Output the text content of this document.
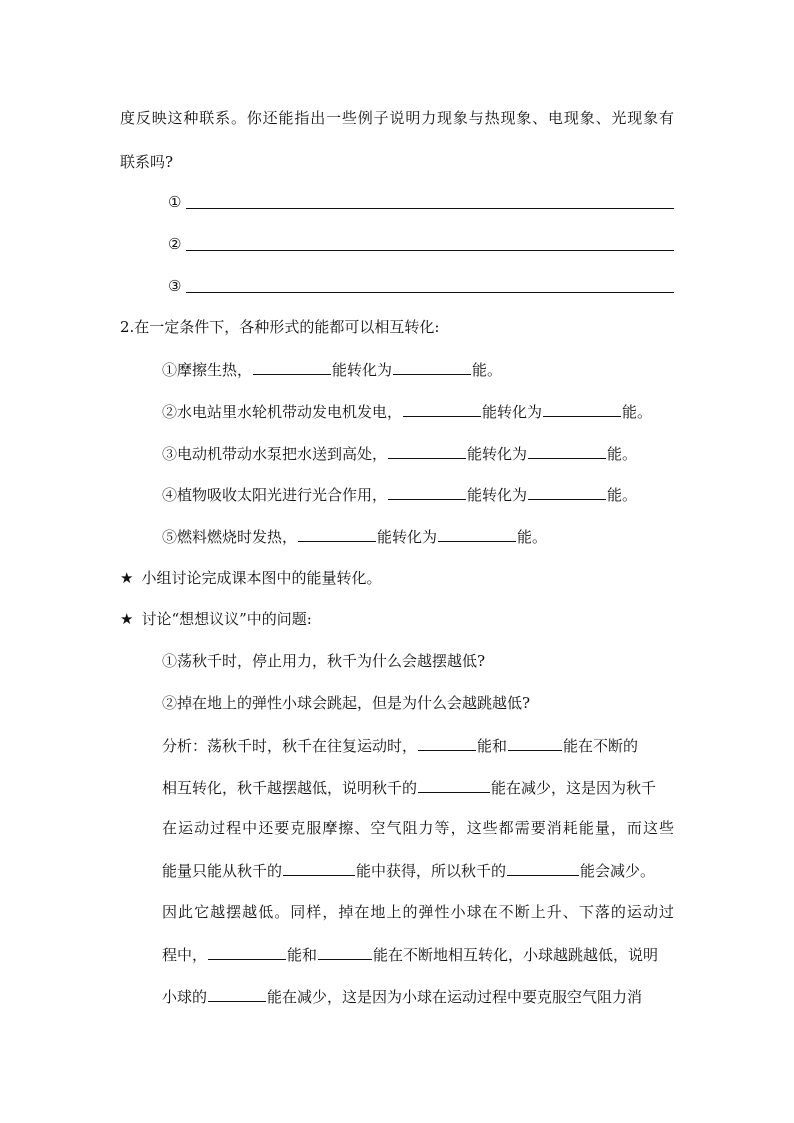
度反映这种联系。你还能指出一些例子说明力现象与热现象、电现象、光现象有
联系吗?
①
②
③
2.在一定条件下，各种形式的能都可以相互转化:
①摩擦生热，	能转化为	能。
②水电站里水轮机带动发电机发电，	能转化为	能。
③电动机带动水泵把水送到高处，	能转化为	能。
④植物吸收太阳光进行光合作用，	能转化为	能。
⑤燃料燃烧时发热，	能转化为	能。
★ 小组讨论完成课本图中的能量转化。
★ 讨论“想想议议”中的问题:
①荡秋千时，停止用力，秋千为什么会越摆越低?
②掉在地上的弹性小球会跳起，但是为什么会越跳越低?
分析：荡秋千时，秋千在往复运动时，	能和	能在不断的
相互转化，秋千越摆越低，说明秋千的	能在减少，这是因为秋千
在运动过程中还要克服摩擦、空气阻力等，这些都需要消耗能量，而这些
能量只能从秋千的	能中获得，所以秋千的	能会减少。
因此它越摆越低。同样，掉在地上的弹性小球在不断上升、下落的运动过
程中，	能和	能在不断地相互转化，小球越跳越低，说明
小球的	能在减少，这是因为小球在运动过程中要克服空气阻力消
